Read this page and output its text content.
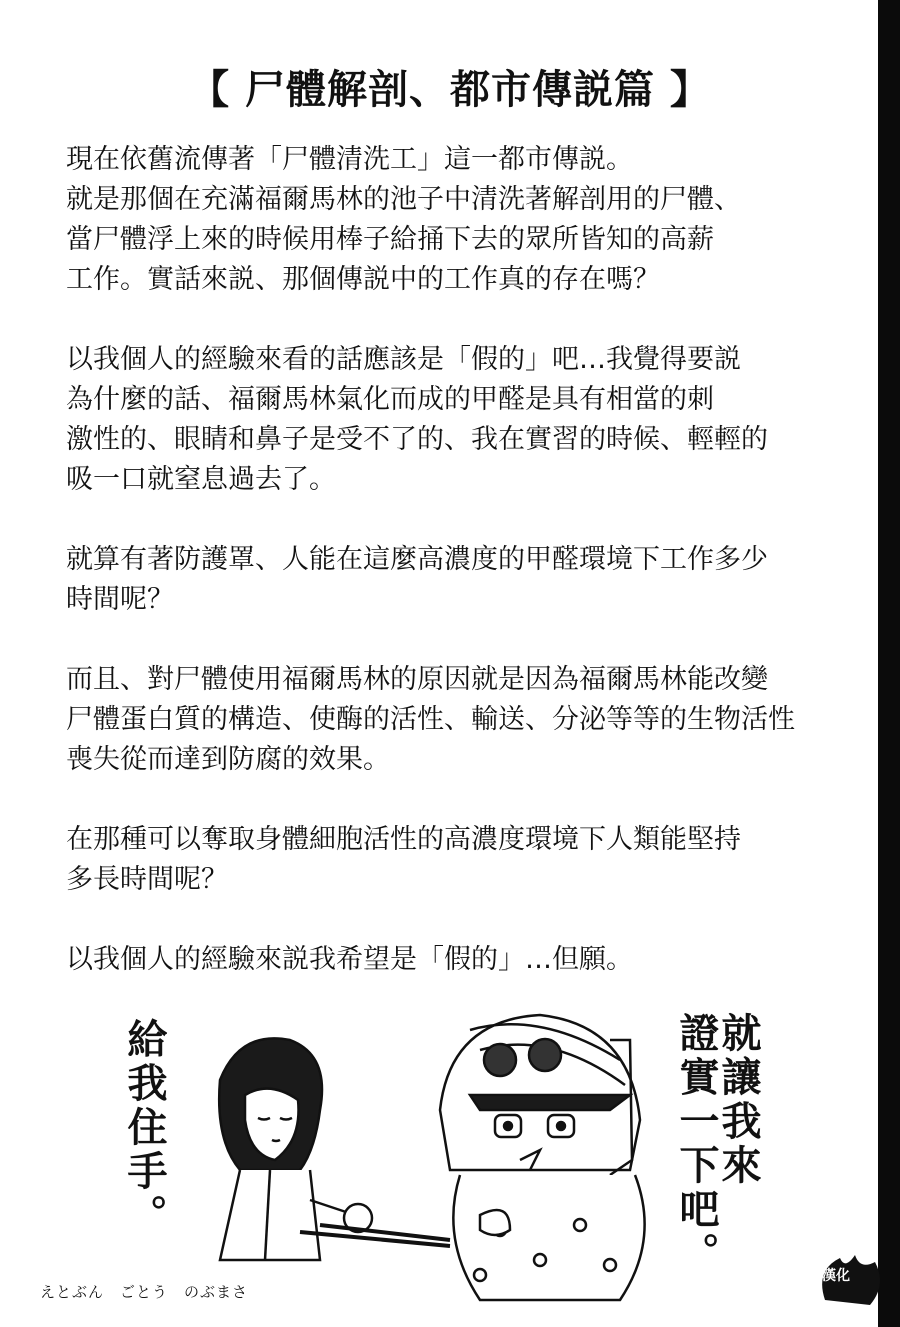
【 尸體解剖、都市傳説篇 】

現在依舊流傳著「尸體清洗工」這一都市傳説。
就是那個在充滿福爾馬林的池子中清洗著解剖用的尸體、
當尸體浮上來的時候用棒子給捅下去的眾所皆知的高薪
工作。實話來説、那個傳説中的工作真的存在嗎？

以我個人的經驗來看的話應該是「假的」吧…我覺得要説
為什麼的話、福爾馬林氣化而成的甲醛是具有相當的刺
激性的、眼睛和鼻子是受不了的、我在實習的時候、輕輕的
吸一口就窒息過去了。

就算有著防護罩、人能在這麼高濃度的甲醛環境下工作多少
時間呢？

而且、對尸體使用福爾馬林的原因就是因為福爾馬林能改變
尸體蛋白質的構造、使酶的活性、輸送、分泌等等的生物活性
喪失從而達到防腐的效果。

在那種可以奪取身體細胞活性的高濃度環境下人類能堅持
多長時間呢？

以我個人的經驗來説我希望是「假的」…但願。

給我住手。	證實一下吧。
就讓我來
えとぶん　ごとう　のぶまさ
漢化
